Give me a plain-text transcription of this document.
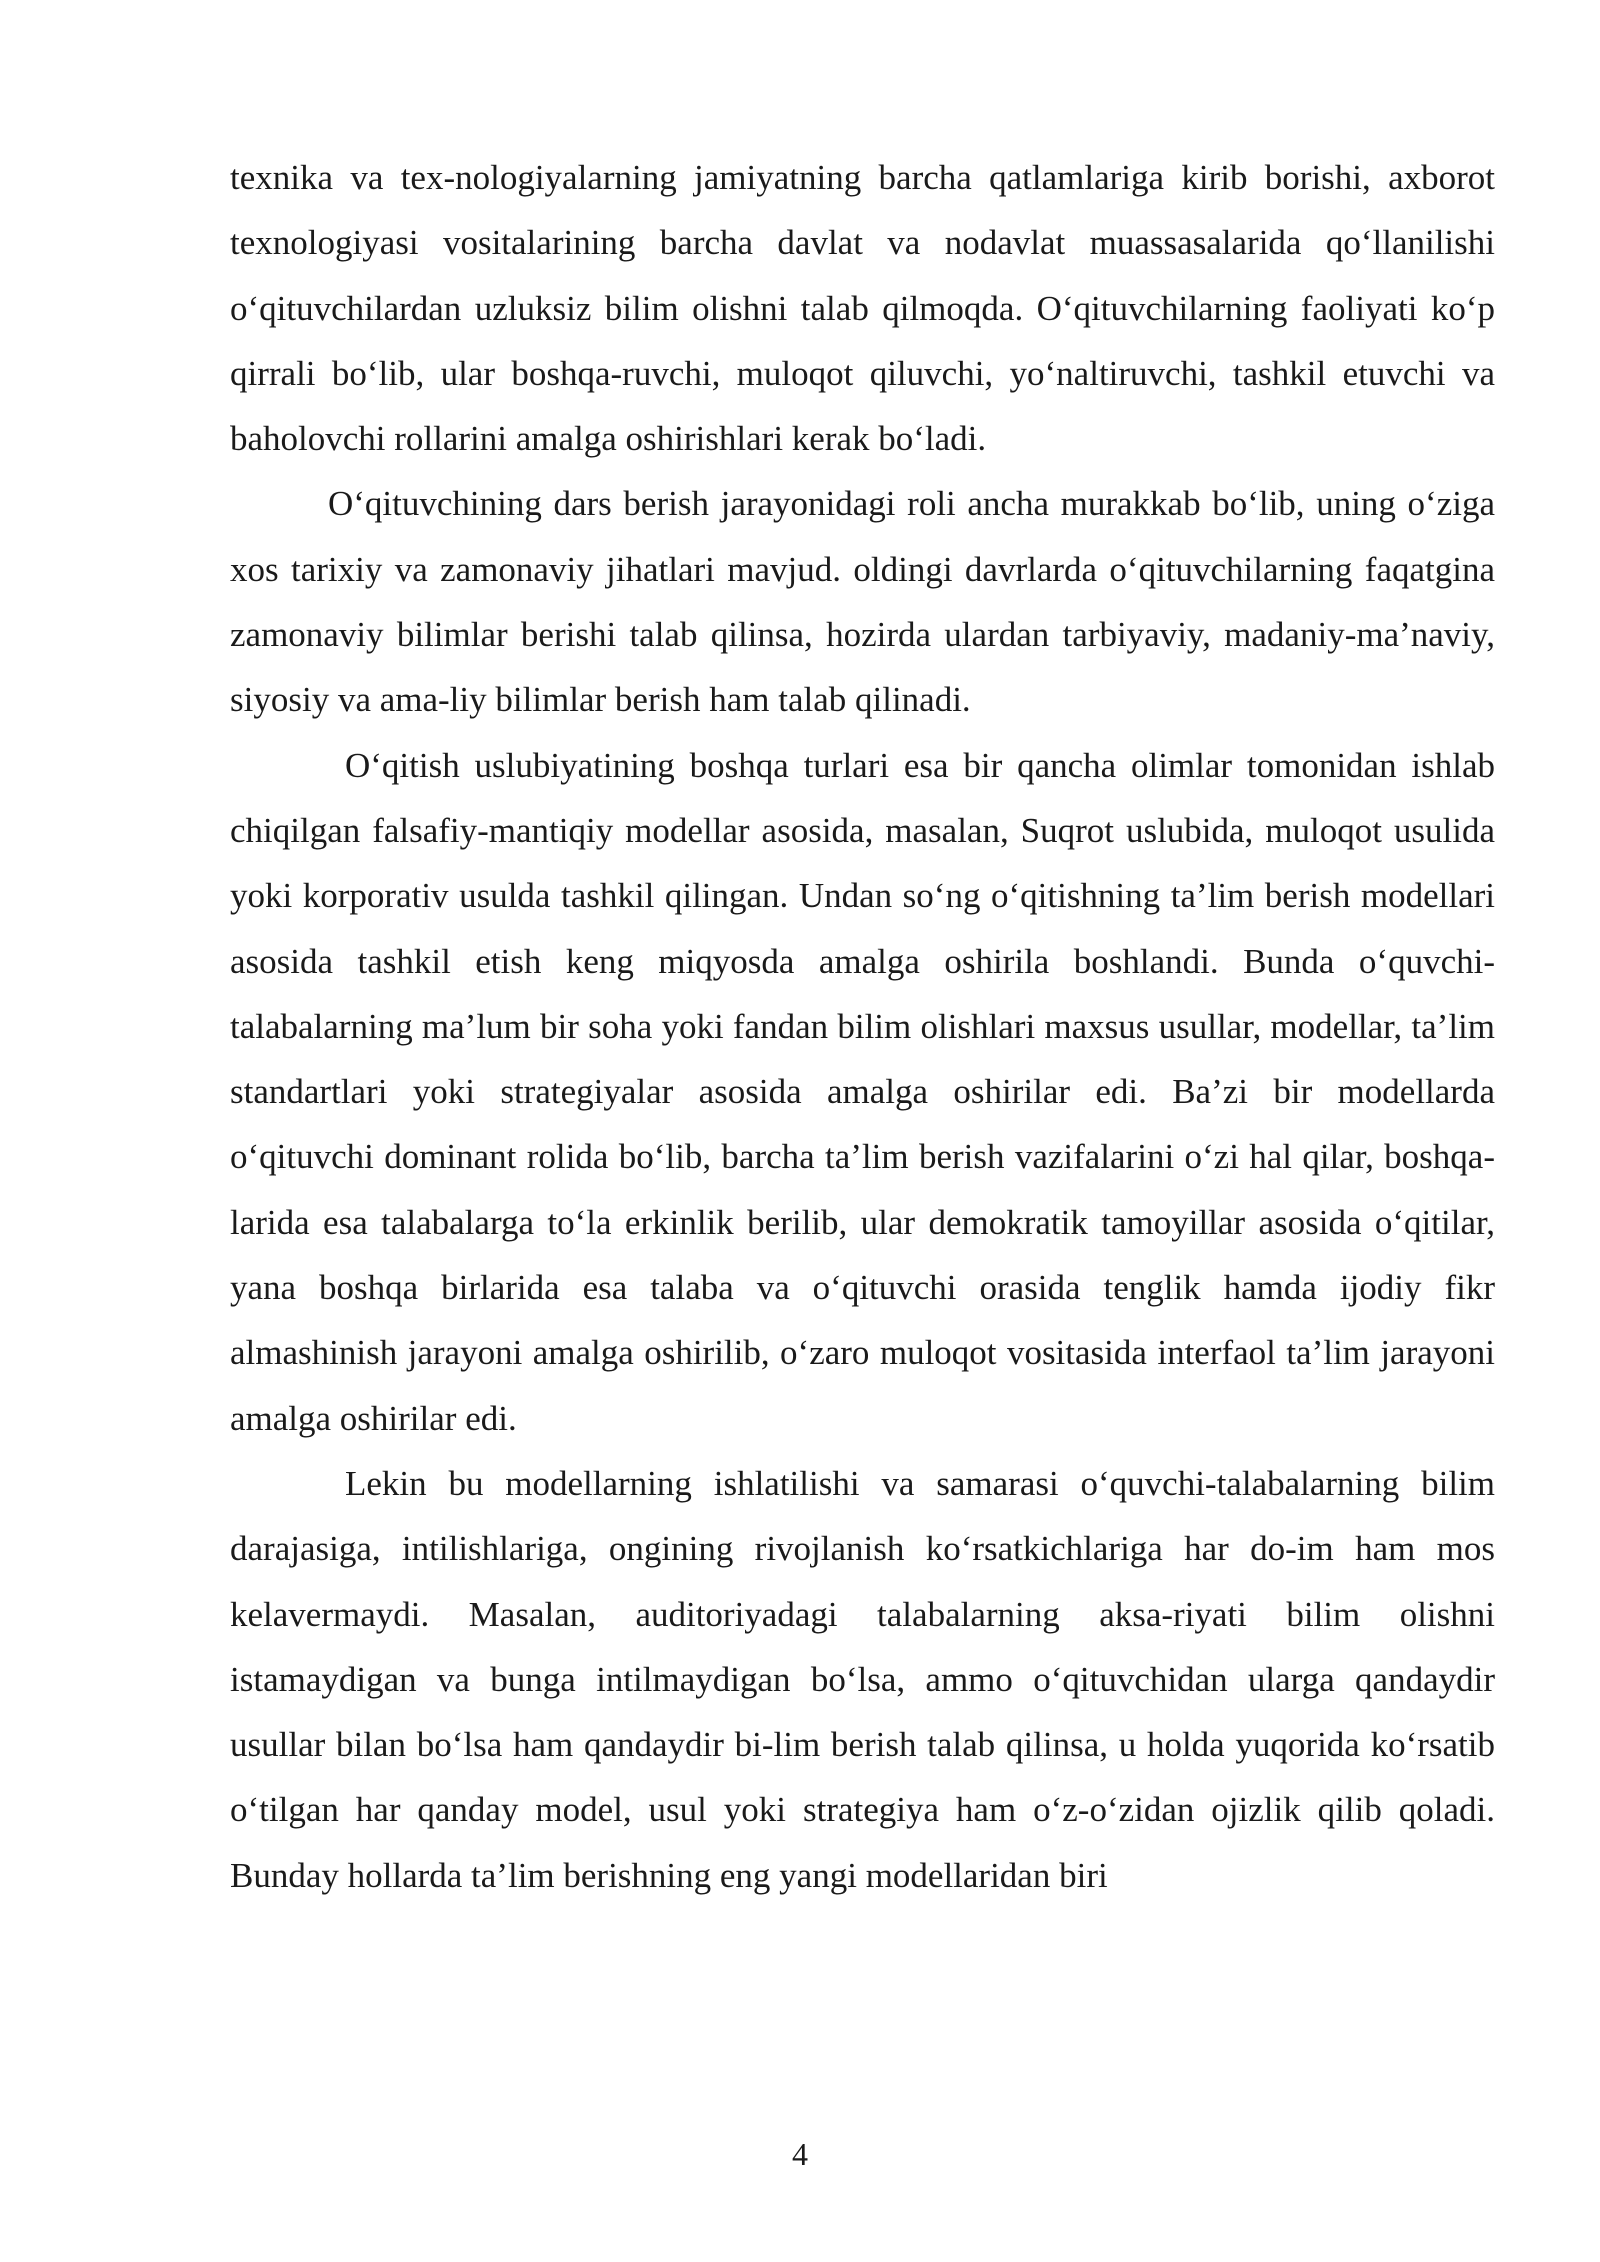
texnika va tex-nologiyalarning jamiyatning barcha qatlamlariga kirib borishi, axborot texnologiyasi vositalarining barcha davlat va nodavlat muassasalarida qo‘llanilishi o‘qituvchilardan uzluksiz bilim olishni talab qilmoqda. O‘qituvchilarning faoliyati ko‘p qirrali bo‘lib, ular boshqa-ruvchi, muloqot qiluvchi, yo‘naltiruvchi, tashkil etuvchi va baholovchi rollarini amalga oshirishlari kerak bo‘ladi.

O‘qituvchining dars berish jarayonidagi roli ancha murakkab bo‘lib, uning o‘ziga xos tarixiy va zamonaviy jihatlari mavjud. oldingi davrlarda o‘qituvchilarning faqatgina zamonaviy bilimlar berishi talab qilinsa, hozirda ulardan tarbiyaviy, madaniy-ma’naviy, siyosiy va ama-liy bilimlar berish ham talab qilinadi.

O‘qitish uslubiyatining boshqa turlari esa bir qancha olimlar tomonidan ishlab chiqilgan falsafiy-mantiqiy modellar asosida, masalan, Suqrot uslubida, muloqot usulida yoki korporativ usulda tashkil qilingan. Undan so‘ng o‘qitishning ta’lim berish modellari asosida tashkil etish keng miqyosda amalga oshirila boshlandi. Bunda o‘quvchi-talabalarning ma’lum bir soha yoki fandan bilim olishlari maxsus usullar, modellar, ta’lim standartlari yoki strategiyalar asosida amalga oshirilar edi. Ba’zi bir modellarda o‘qituvchi dominant rolida bo‘lib, barcha ta’lim berish vazifalarini o‘zi hal qilar, boshqa-larida esa talabalarga to‘la erkinlik berilib, ular demokratik tamoyillar asosida o‘qitilar, yana boshqa birlarida esa talaba va o‘qituvchi orasida tenglik hamda ijodiy fikr almashinish jarayoni amalga oshirilib, o‘zaro muloqot vositasida interfaol ta’lim jarayoni amalga oshirilar edi.

Lekin bu modellarning ishlatilishi va samarasi o‘quvchi-talabalarning bilim darajasiga, intilishlariga, ongining rivojlanish ko‘rsatkichlariga har do-im ham mos kelavermaydi. Masalan, auditoriyadagi talabalarning aksa-riyati bilim olishni istamaydigan va bunga intilmaydigan bo‘lsa, ammo o‘qituvchidan ularga qandaydir usullar bilan bo‘lsa ham qandaydir bi-lim berish talab qilinsa, u holda yuqorida ko‘rsatib o‘tilgan har qanday model, usul yoki strategiya ham o‘z-o‘zidan ojizlik qilib qoladi. Bunday hollarda ta’lim berishning eng yangi modellaridan biri

4
